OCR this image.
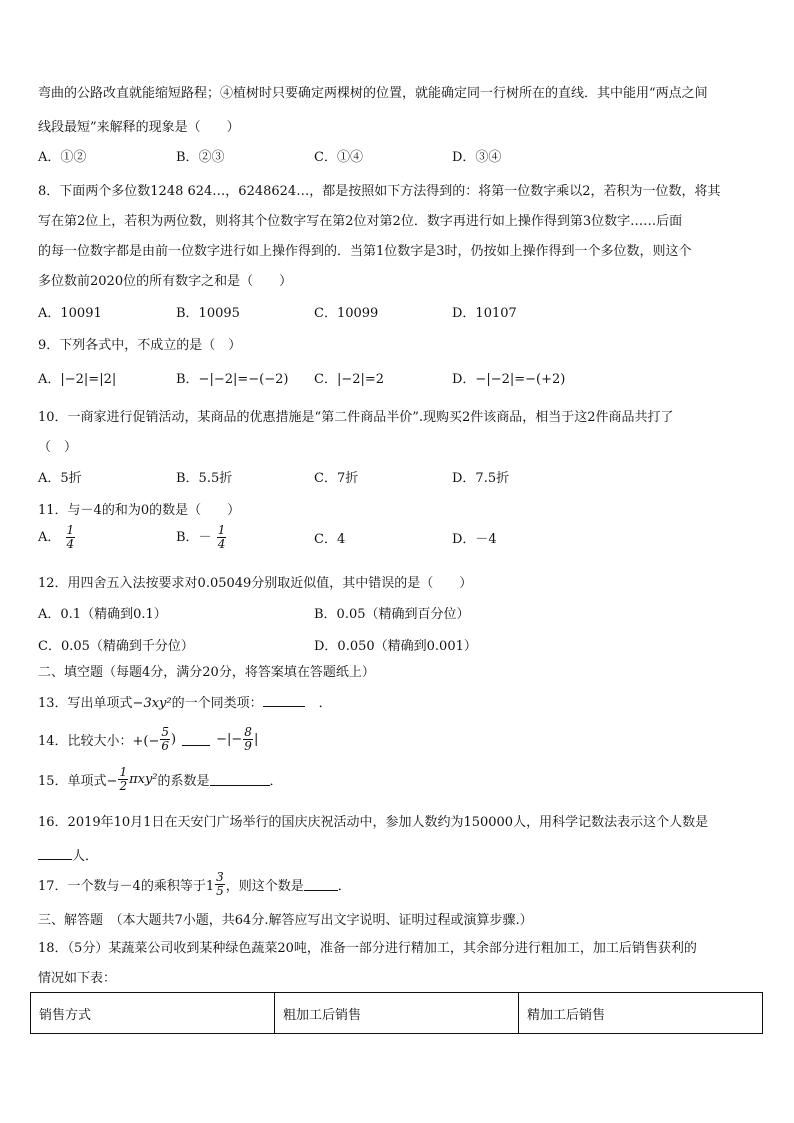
弯曲的公路改直就能缩短路程；④植树时只要确定两棵树的位置，就能确定同一行树所在的直线．其中能用“两点之间
线段最短”来解释的现象是（　　）
A．①②	B．②③	C．①④	D．③④
8．下面两个多位数1248 624…，6248624…，都是按照如下方法得到的：将第一位数字乘以2，若积为一位数，将其
写在第2位上，若积为两位数，则将其个位数字写在第2位对第2位．数字再进行如上操作得到第3位数字……后面
的每一位数字都是由前一位数字进行如上操作得到的．当第1位数字是3时，仍按如上操作得到一个多位数，则这个
多位数前2020位的所有数字之和是（　　）
A．10091	B．10095	C．10099	D．10107
9．下列各式中，不成立的是（　）
A．|−2|=|2|	B．−|−2|=−(−2)	C．|−2|=2	D．−|−2|=−(+2)
10．一商家进行促销活动，某商品的优惠措施是“第二件商品半价”.现购买2件该商品，相当于这2件商品共打了
（　）
A．5折	B．5.5折	C．7折	D．7.5折
11．与－4的和为0的数是（　　）
A． $\frac{1}{4}$	B．－ $\frac{1}{4}$	C．4	D．－4
12．用四舍五入法按要求对0.05049分别取近似值，其中错误的是（　　）
A．0.1（精确到0.1）	B．0.05（精确到百分位）
C．0.05（精确到千分位）	D．0.050（精确到0.001）
二、填空题（每题4分，满分20分，将答案填在答题纸上）
13．写出单项式−3xy²的一个同类项：	．
14．比较大小：+(− $\frac{5}{6}$ )	−|− $\frac{8}{9}$ |
15．单项式− $\frac{1}{2} \pi xy^2$ 的系数是	．
16．2019年10月1日在天安门广场举行的国庆庆祝活动中，参加人数约为150000人，用科学记数法表示这个人数是
人．
17．一个数与－4的乘积等于$1 \frac{3}{5}$ ，则这个数是	．
三、解答题　（本大题共7小题，共64分.解答应写出文字说明、证明过程或演算步骤.）
18．（5分）某蔬菜公司收到某种绿色蔬菜20吨，准备一部分进行精加工，其余部分进行粗加工，加工后销售获利的
情况如下表：
销售方式	粗加工后销售	精加工后销售
